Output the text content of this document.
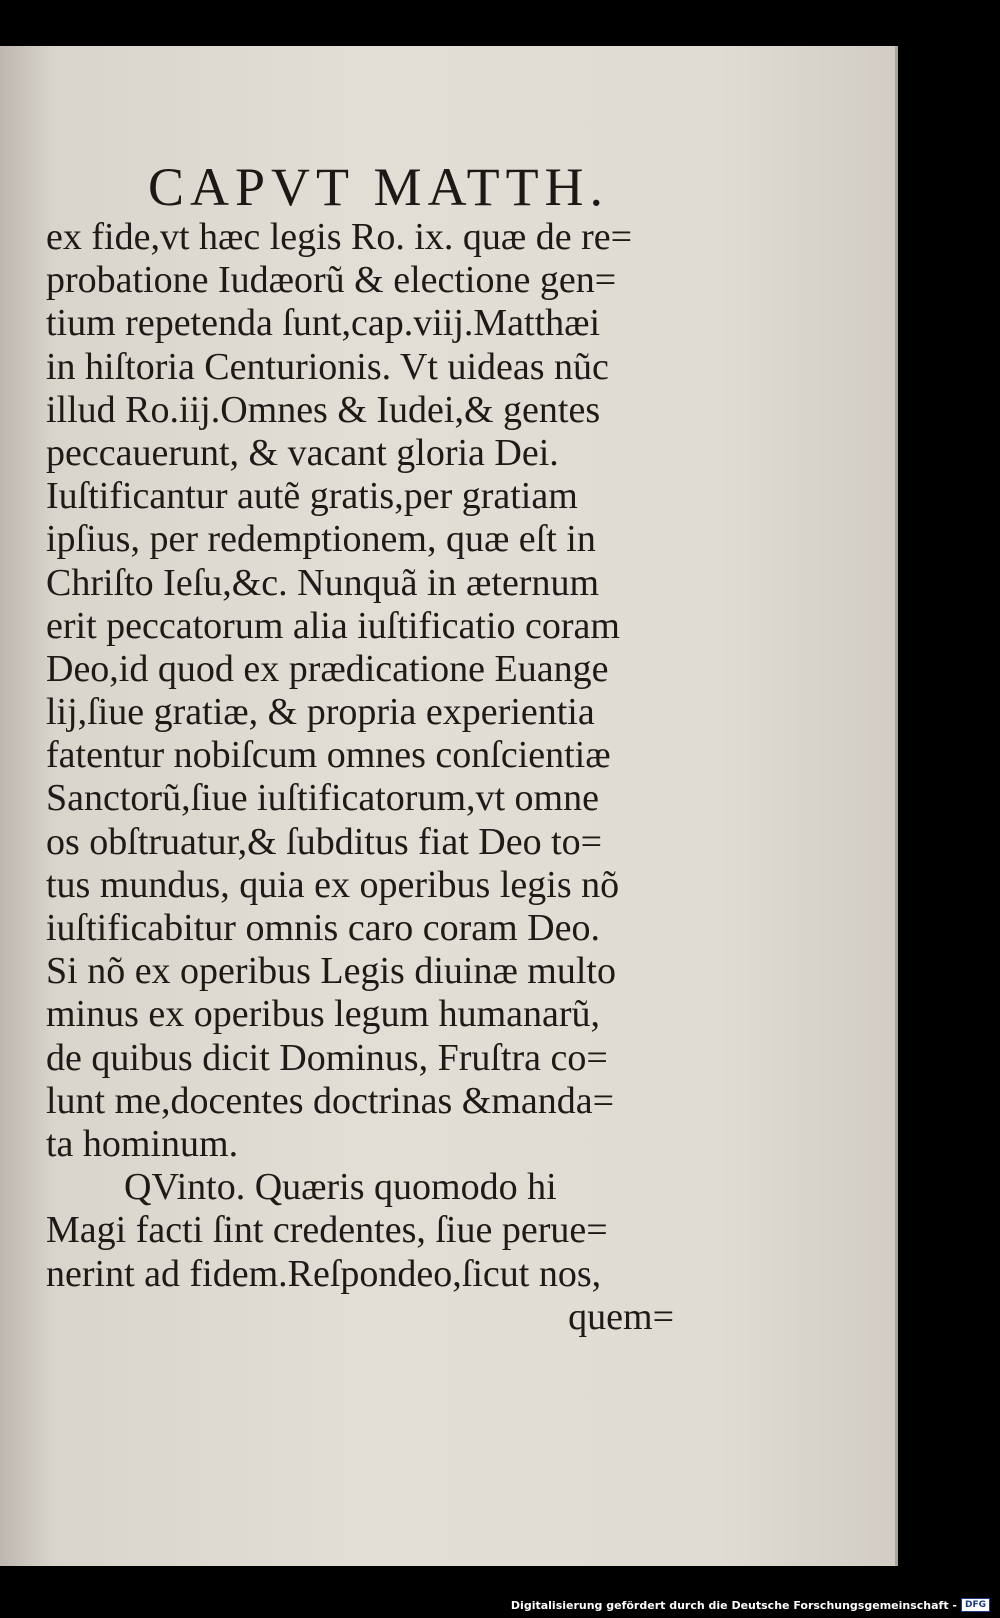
CAPVT MATTH.
ex fide,vt hæc legis Ro. ix. quæ de re=
probatione Iudæorũ & electione gen=
tium repetenda ſunt,cap.viij.Matthæi
in hiſtoria Centurionis. Vt uideas nũc
illud Ro.iij.Omnes & Iudei,& gentes
peccauerunt, & vacant gloria Dei.
Iuſtificantur autẽ gratis,per gratiam
ipſius, per redemptionem, quæ eſt in
Chriſto Ieſu,&c. Nunquã in æternum
erit peccatorum alia iuſtificatio coram
Deo,id quod ex prædicatione Euange
lij,ſiue gratiæ, & propria experientia
fatentur nobiſcum omnes conſcientiæ
Sanctorũ,ſiue iuſtificatorum,vt omne
os obſtruatur,& ſubditus fiat Deo to=
tus mundus, quia ex operibus legis nõ
iuſtificabitur omnis caro coram Deo.
Si nõ ex operibus Legis diuinæ multo
minus ex operibus legum humanarũ,
de quibus dicit Dominus, Fruſtra co=
lunt me,docentes doctrinas &manda=
ta hominum.
QVinto. Quæris quomodo hi
Magi facti ſint credentes, ſiue perue=
nerint ad fidem.Reſpondeo,ſicut nos,
quem=
Digitalisierung gefördert durch die Deutsche Forschungsgemeinschaft - DFG
